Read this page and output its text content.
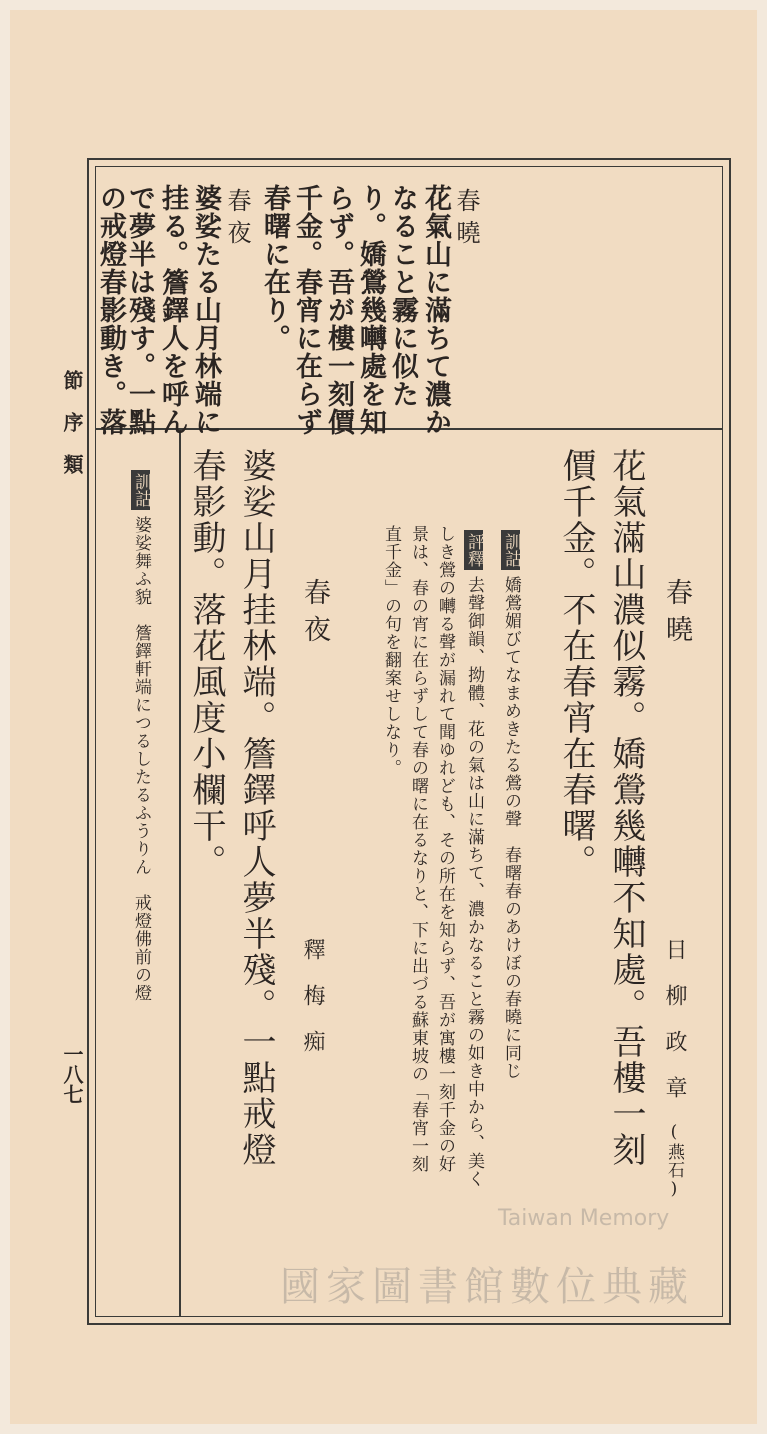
節序類
一八七
春曉
花氣山に滿ちて濃か
なること霧に似た
り。嬌鶯幾囀處を知
らず。吾が樓一刻價
千金。春宵に在らず
春曙に在り。
春夜
婆娑たる山月林端に
挂る。簷鐸人を呼ん
で夢半は殘す。一點
の戒燈春影動き。落
春曉
日柳政章(燕石)
花氣滿山濃似霧。嬌鶯幾囀不知處。吾樓一刻
價千金。不在春宵在春曙。
訓詁嬌鶯媚びてなまめきたる鶯の聲　春曙春のあけぼの春曉に同じ
評釋去聲御韻、拗體、花の氣は山に滿ちて、濃かなること霧の如き中から、美く
しき鶯の囀る聲が漏れて聞ゆれども、その所在を知らず、吾が寓樓一刻千金の好
景は、春の宵に在らずして春の曙に在るなりと、下に出づる蘇東坡の「春宵一刻
直千金」の句を翻案せしなり。
春夜
釋梅痴
婆娑山月挂林端。簷鐸呼人夢半殘。一點戒燈
春影動。落花風度小欄干。
訓詁婆娑舞ふ貌　簷鐸軒端につるしたるふうりん　戒燈佛前の燈
Taiwan Memory
國家圖書館數位典藏
